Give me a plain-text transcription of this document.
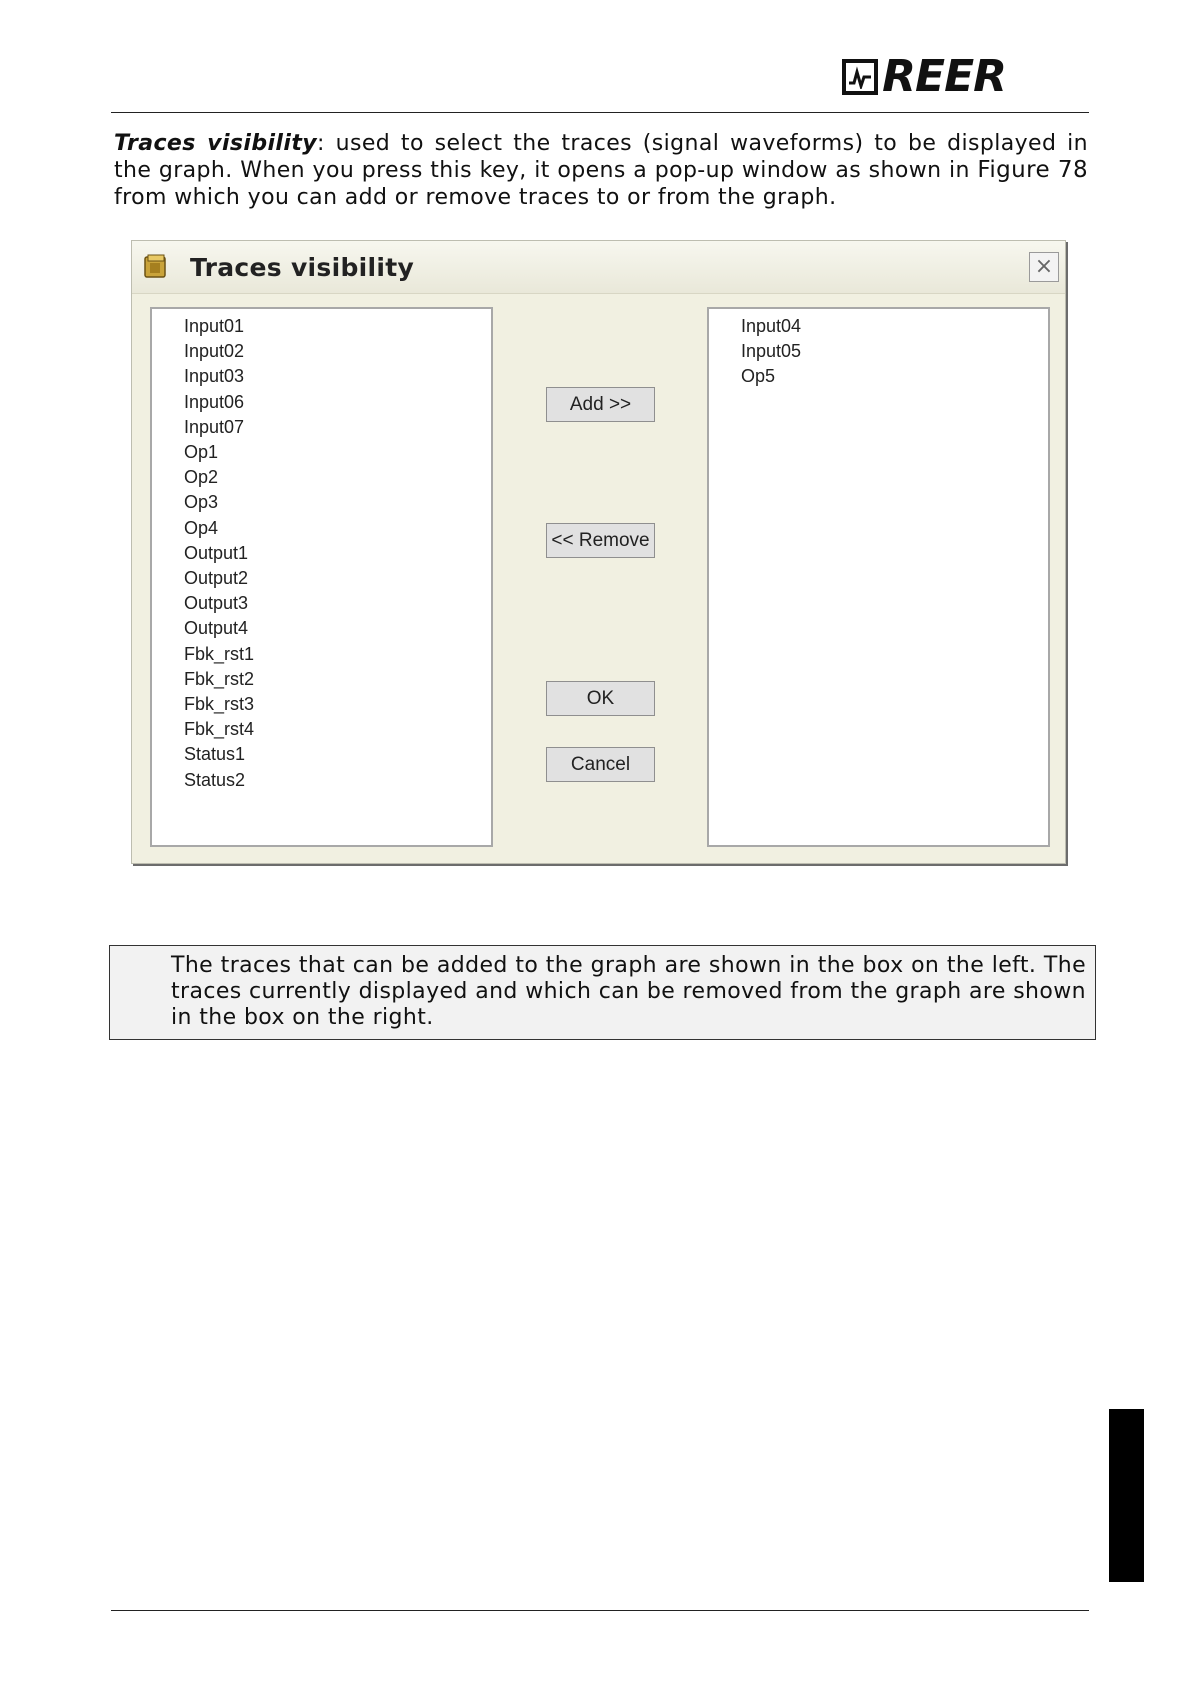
REER

Traces visibility: used to select the traces (signal waveforms) to be displayed in the graph. When you press this key, it opens a pop-up window as shown in Figure 78 from which you can add or remove traces to or from the graph.

Traces visibility	×
Input01
Input02
Input03
Input06
Input07
Op1
Op2
Op3
Op4
Output1
Output2
Output3
Output4
Fbk_rst1
Fbk_rst2
Fbk_rst3
Fbk_rst4
Status1
Status2
Add >>
<< Remove
OK
Cancel
Input04
Input05
Op5

The traces that can be added to the graph are shown in the box on the left. The traces currently displayed and which can be removed from the graph are shown in the box on the right.
